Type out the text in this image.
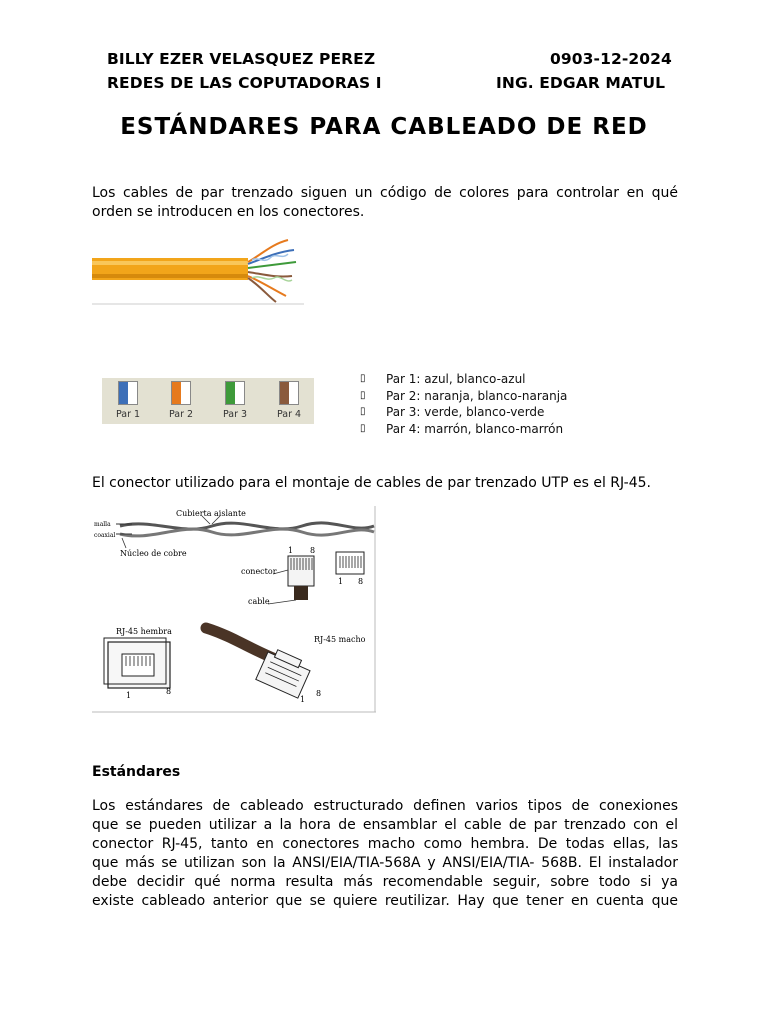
BILLY EZER VELASQUEZ PEREZ	0903-12-2024
REDES DE LAS COPUTADORAS I	ING. EDGAR MATUL
ESTÁNDARES PARA CABLEADO DE RED
Los cables de par trenzado siguen un código de colores para controlar en qué
orden se introducen en los conectores.
Par 1	Par 2	Par 3	Par 4
▯	Par 1: azul, blanco-azul
▯	Par 2: naranja, blanco-naranja
▯	Par 3: verde, blanco-verde
▯	Par 4: marrón, blanco-marrón
El conector utilizado para el montaje de cables de par trenzado UTP es el RJ-45.
Cubierta aislante
malla
coaxial
Núcleo de cobre	1 8
conector
1 8
cable
RJ-45 hembra
RJ-45 macho
1	8
1
8
Estándares
Los estándares de cableado estructurado definen varios tipos de conexiones
que se pueden utilizar a la hora de ensamblar el cable de par trenzado con el
conector RJ-45, tanto en conectores macho como hembra. De todas ellas, las
que más se utilizan son la ANSI/EIA/TIA-568A y ANSI/EIA/TIA- 568B. El instalador
debe decidir qué norma resulta más recomendable seguir, sobre todo si ya
existe cableado anterior que se quiere reutilizar. Hay que tener en cuenta que
